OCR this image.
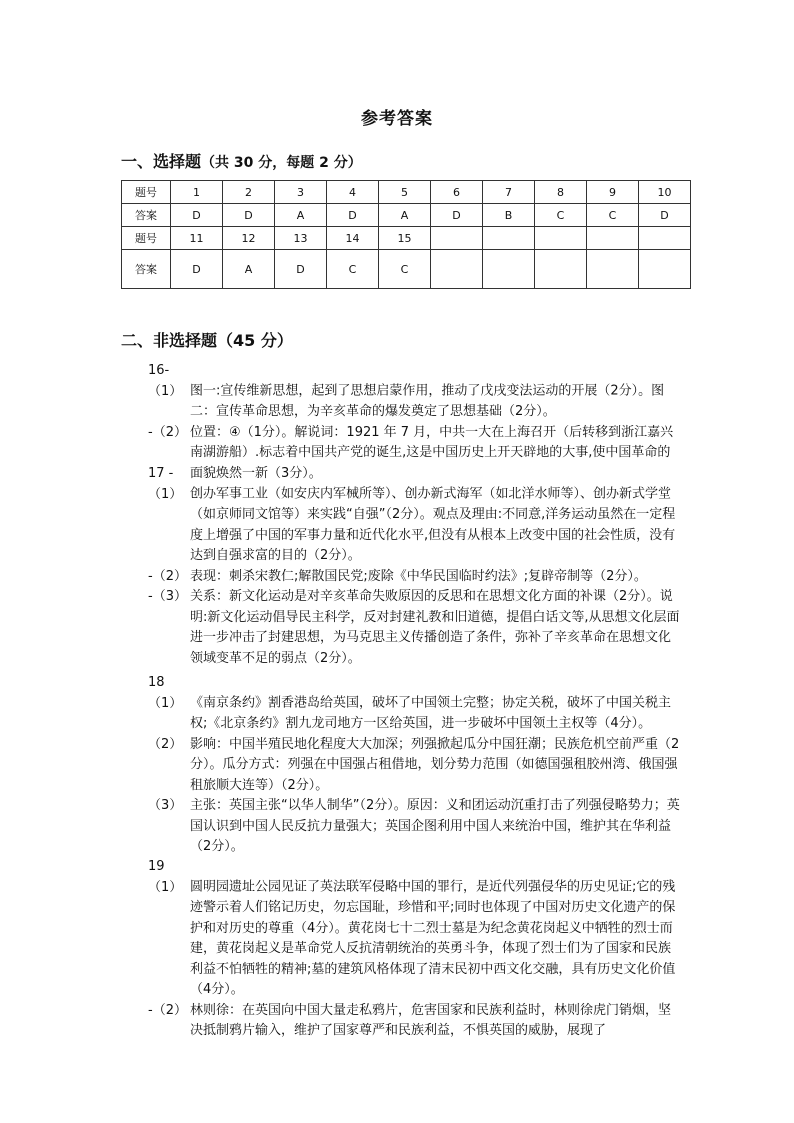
参考答案
一、选择题（共 30 分，每题 2 分）
题号	1	2	3	4	5	6	7	8	9	10
答案	D	D	A	D	A	D	B	C	C	D
题号	11	12	13	14	15					
答案	D	A	D	C	C					
二、非选择题（45 分）

16-（1） 图一:宣传维新思想，起到了思想启蒙作用，推动了戊戌变法运动的开展（2分）。图二：宣传革命思想，为辛亥革命的爆发奠定了思想基础（2分）。

-（2） 位置：④（1分）。解说词：1921 年 7 月，中共一大在上海召开（后转移到浙江嘉兴南湖游船）.标志着中国共产党的诞生,这是中国历史上开天辟地的大事,使中国革命的面貌焕然一新（3分）。

17 -（1） 创办军事工业（如安庆内军械所等）、创办新式海军（如北洋水师等）、创办新式学堂（如京师同文馆等）来实践“自强”（2分）。观点及理由:不同意,洋务运动虽然在一定程度上增强了中国的军事力量和近代化水平,但没有从根本上改变中国的社会性质，没有达到自强求富的目的（2分）。

-（2） 表现：刺杀宋教仁;解散国民党;废除《中华民国临时约法》;复辟帝制等（2分）。

-（3） 关系：新文化运动是对辛亥革命失败原因的反思和在思想文化方面的补课（2分）。说明:新文化运动倡导民主科学，反对封建礼教和旧道德，提倡白话文等,从思想文化层面进一步冲击了封建思想，为马克思主义传播创造了条件，弥补了辛亥革命在思想文化领域变革不足的弱点（2分）。

18（1） 《南京条约》割香港岛给英国，破坏了中国领土完整；协定关税，破坏了中国关税主权;《北京条约》割九龙司地方一区给英国，进一步破坏中国领土主权等（4分）。

（2） 影响：中国半殖民地化程度大大加深；列强掀起瓜分中国狂潮；民族危机空前严重（2分）。瓜分方式：列强在中国强占租借地，划分势力范围（如德国强租胶州湾、俄国强租旅顺大连等）（2分）。

（3） 主张：英国主张“以华人制华”（2分）。原因：义和团运动沉重打击了列强侵略势力；英国认识到中国人民反抗力量强大；英国企图利用中国人来统治中国，维护其在华利益（2分）。

19（1） 圆明园遗址公园见证了英法联军侵略中国的罪行，是近代列强侵华的历史见证;它的残迹警示着人们铭记历史，勿忘国耻，珍惜和平;同时也体现了中国对历史文化遗产的保护和对历史的尊重（4分）。黄花岗七十二烈士墓是为纪念黄花岗起义中牺牲的烈士而建，黄花岗起义是革命党人反抗清朝统治的英勇斗争，体现了烈士们为了国家和民族利益不怕牺牲的精神;墓的建筑风格体现了清末民初中西文化交融，具有历史文化价值（4分）。

-（2） 林则徐：在英国向中国大量走私鸦片，危害国家和民族利益时，林则徐虎门销烟，坚决抵制鸦片输入，维护了国家尊严和民族利益，不惧英国的威胁，展现了
